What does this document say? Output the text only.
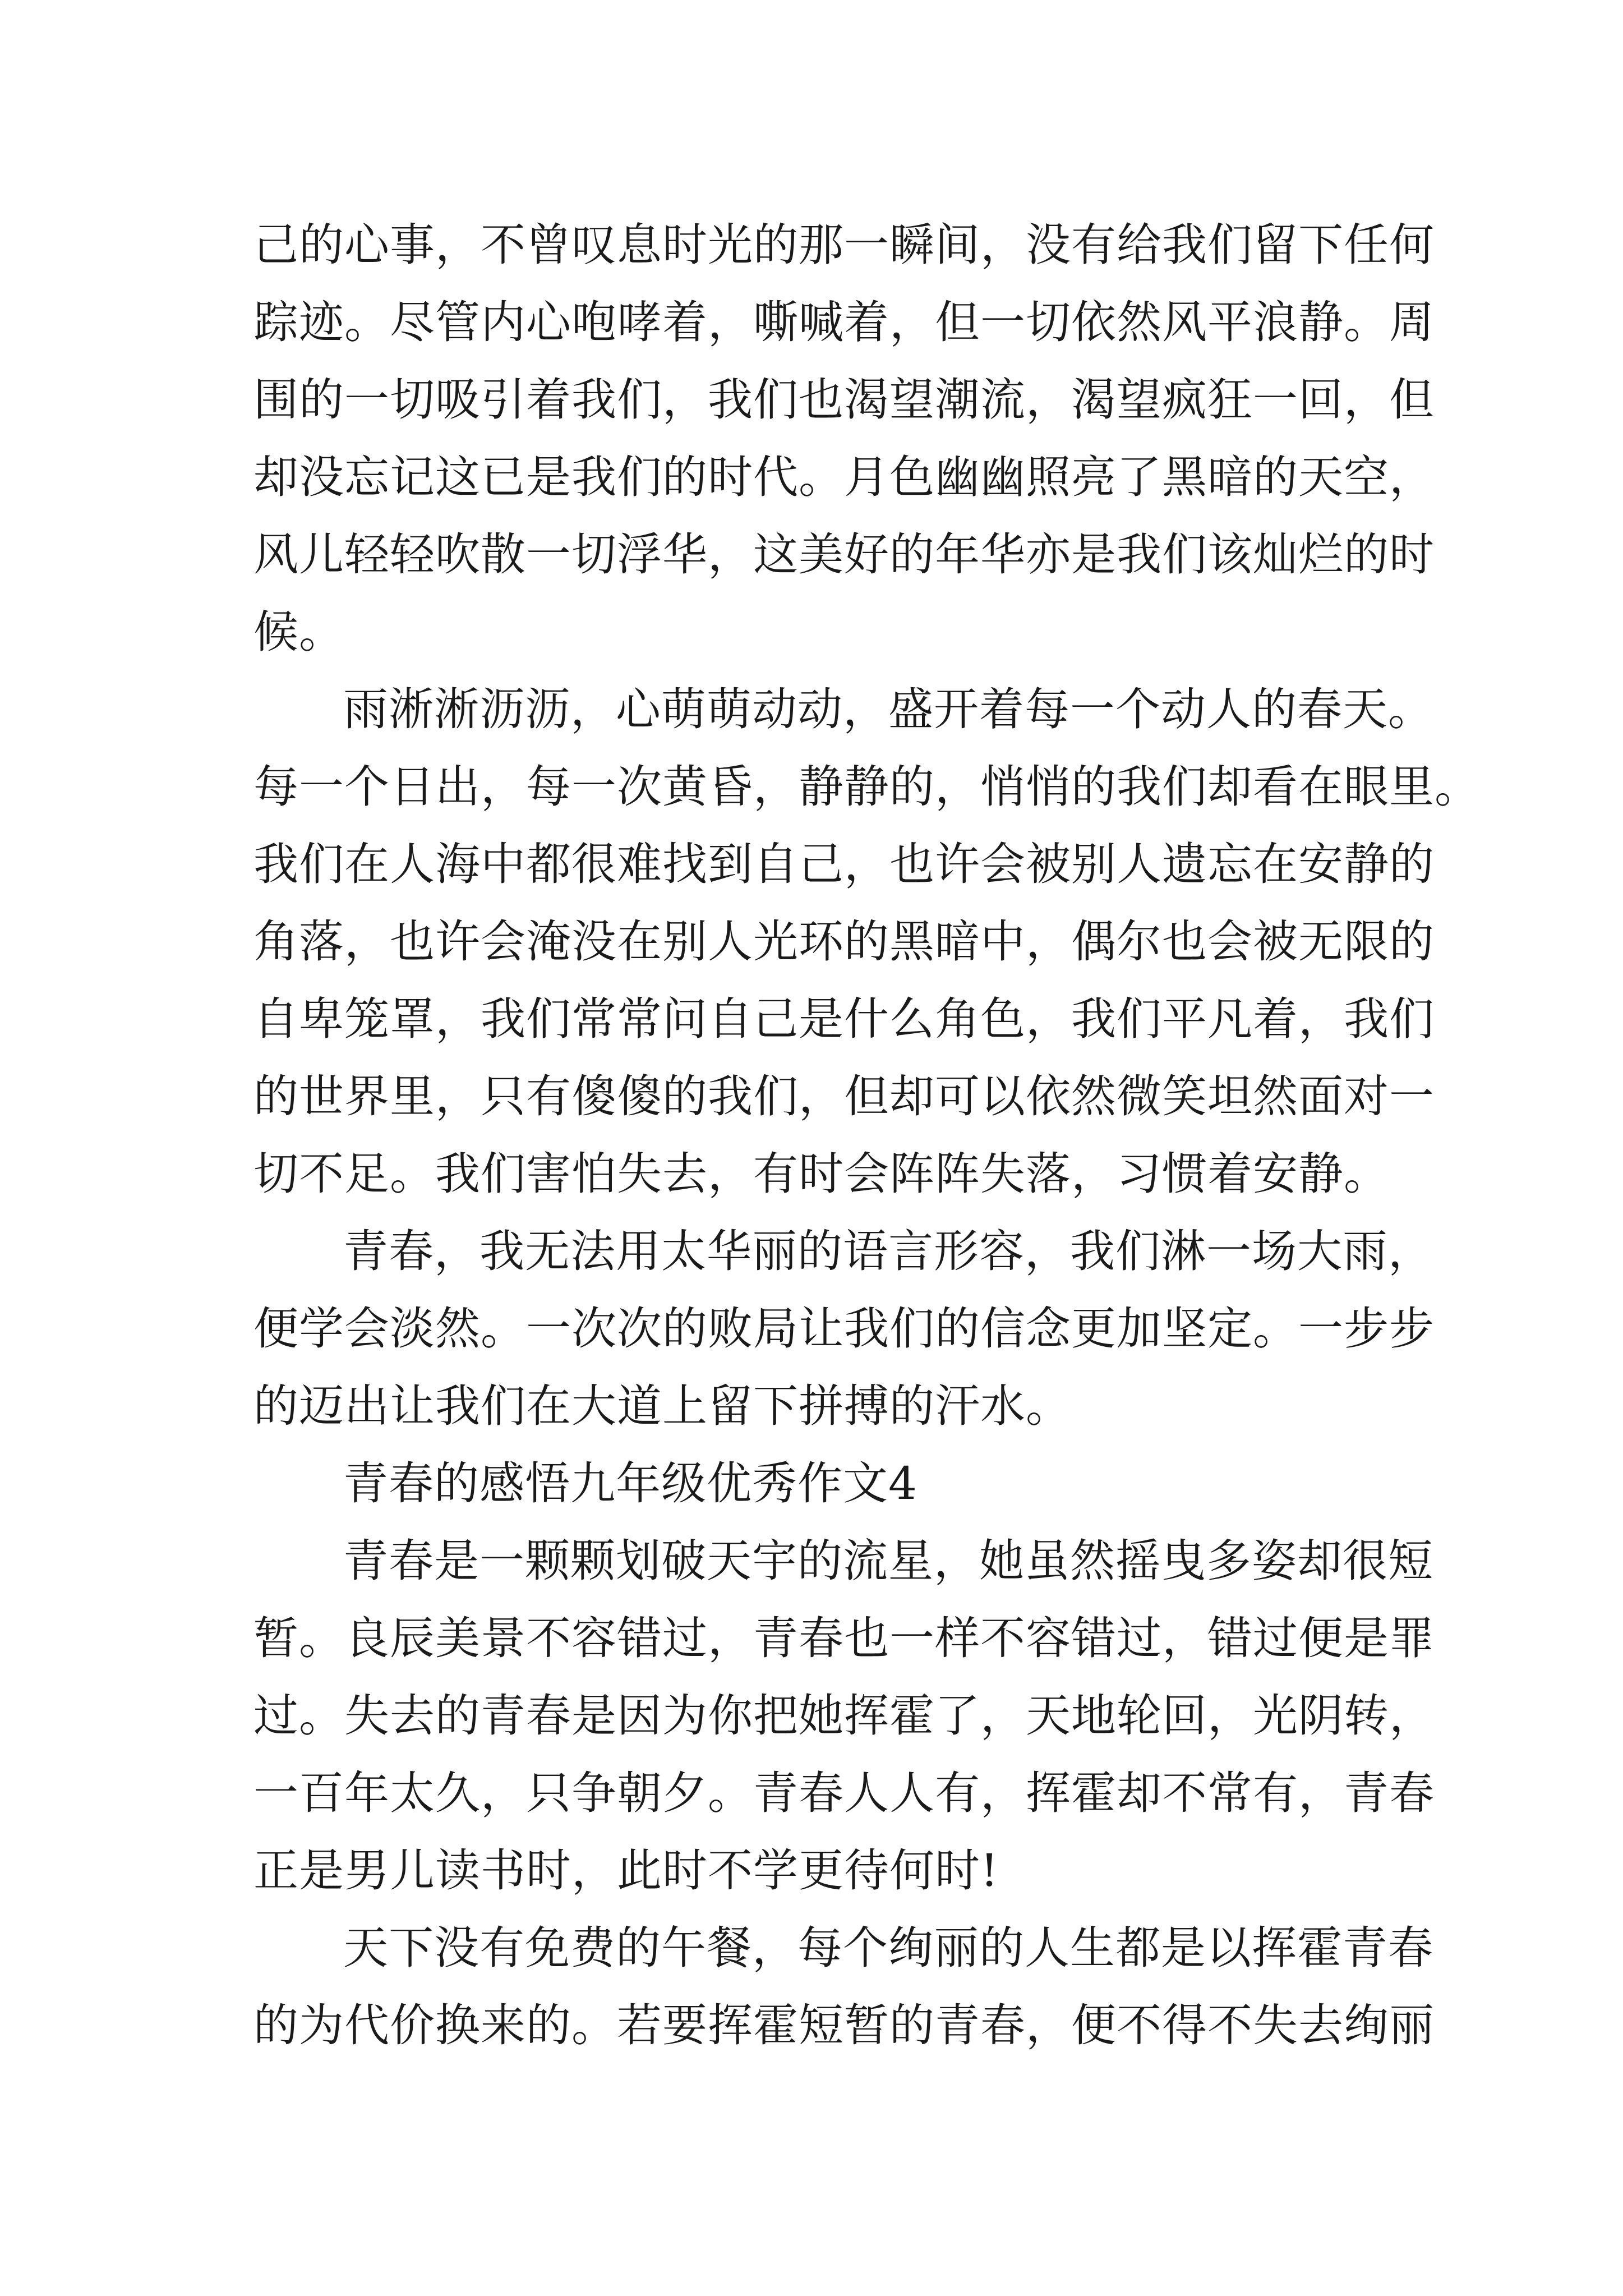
己的心事，不曾叹息时光的那一瞬间，没有给我们留下任何
踪迹。尽管内心咆哮着，嘶喊着，但一切依然风平浪静。周
围的一切吸引着我们，我们也渴望潮流，渴望疯狂一回，但
却没忘记这已是我们的时代。月色幽幽照亮了黑暗的天空，
风儿轻轻吹散一切浮华，这美好的年华亦是我们该灿烂的时
候。
雨淅淅沥沥，心萌萌动动，盛开着每一个动人的春天。
每一个日出，每一次黄昏，静静的，悄悄的我们却看在眼里。
我们在人海中都很难找到自己，也许会被别人遗忘在安静的
角落，也许会淹没在别人光环的黑暗中，偶尔也会被无限的
自卑笼罩，我们常常问自己是什么角色，我们平凡着，我们
的世界里，只有傻傻的我们，但却可以依然微笑坦然面对一
切不足。我们害怕失去，有时会阵阵失落，习惯着安静。
青春，我无法用太华丽的语言形容，我们淋一场大雨，
便学会淡然。一次次的败局让我们的信念更加坚定。一步步
的迈出让我们在大道上留下拼搏的汗水。
青春的感悟九年级优秀作文4
青春是一颗颗划破天宇的流星，她虽然摇曳多姿却很短
暂。良辰美景不容错过，青春也一样不容错过，错过便是罪
过。失去的青春是因为你把她挥霍了，天地轮回，光阴转，
一百年太久，只争朝夕。青春人人有，挥霍却不常有，青春
正是男儿读书时，此时不学更待何时!
天下没有免费的午餐，每个绚丽的人生都是以挥霍青春
的为代价换来的。若要挥霍短暂的青春，便不得不失去绚丽
